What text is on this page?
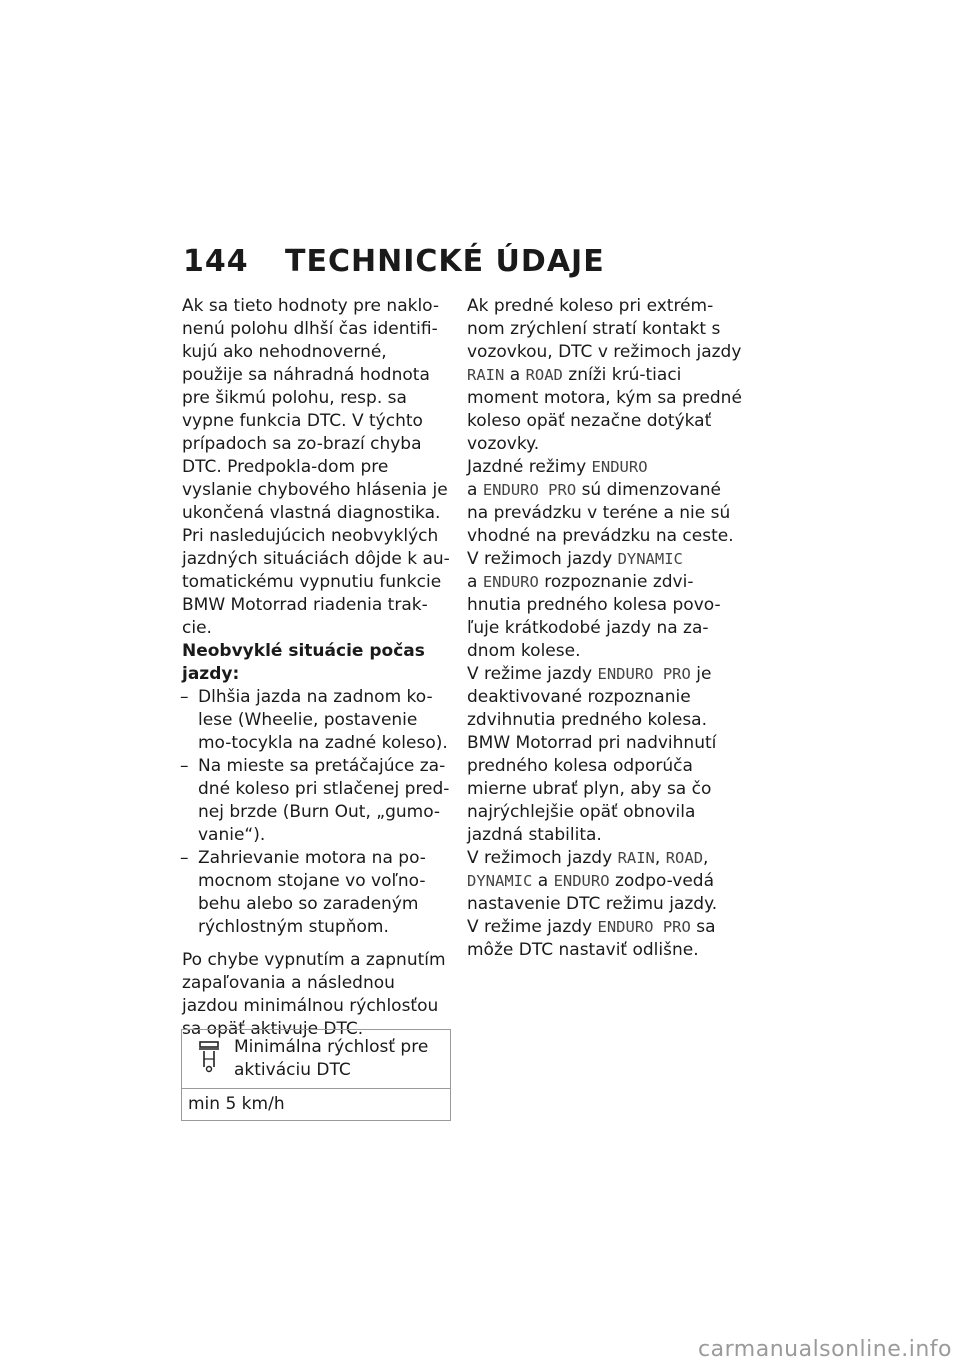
144 TECHNICKÉ ÚDAJE

Ak sa tieto hodnoty pre naklo-nenú polohu dlhší čas identifi-kujú ako nehodnoverné, použije sa náhradná hodnota pre šikmú polohu, resp. sa vypne funkcia DTC. V týchto prípadoch sa zo-brazí chyba DTC. Predpokla-dom pre vyslanie chybového hlásenia je ukončená vlastná diagnostika.

Pri nasledujúcich neobvyklých jazdných situáciách dôjde k au-tomatickému vypnutiu funkcie BMW Motorrad riadenia trak-cie.

Neobvyklé situácie počas jazdy:

– Dlhšia jazda na zadnom ko-lese (Wheelie, postavenie mo-tocykla na zadné koleso).
– Na mieste sa pretáčajúce za-dné koleso pri stlačenej pred-nej brzde (Burn Out, „gumo-vanie“).
– Zahrievanie motora na po-mocnom stojane vo voľno-behu alebo so zaradeným rýchlostným stupňom.

Po chybe vypnutím a zapnutím zapaľovania a následnou jazdou minimálnou rýchlosťou sa opäť aktivuje DTC.

Minimálna rýchlosť pre aktiváciu DTC
min 5 km/h

Ak predné koleso pri extrém-nom zrýchlení stratí kontakt s vozovkou, DTC v režimoch jazdy RAIN a ROAD zníži krú-tiaci moment motora, kým sa predné koleso opäť nezačne dotýkať vozovky.

Jazdné režimy ENDURO
a ENDURO PRO sú dimenzované na prevádzku v teréne a nie sú vhodné na prevádzku na ceste.

V režimoch jazdy DYNAMIC
a ENDURO rozpoznanie zdvi-hnutia predného kolesa povo-ľuje krátkodobé jazdy na za-dnom kolese.

V režime jazdy ENDURO PRO je deaktivované rozpoznanie zdvihnutia predného kolesa.

BMW Motorrad pri nadvihnutí predného kolesa odporúča mierne ubrať plyn, aby sa čo najrýchlejšie opäť obnovila jazdná stabilita.

V režimoch jazdy RAIN, ROAD,
DYNAMIC a ENDURO zodpo-vedá nastavenie DTC režimu jazdy.

V režime jazdy ENDURO PRO sa môže DTC nastaviť odlišne.

carmanualsonline.info
